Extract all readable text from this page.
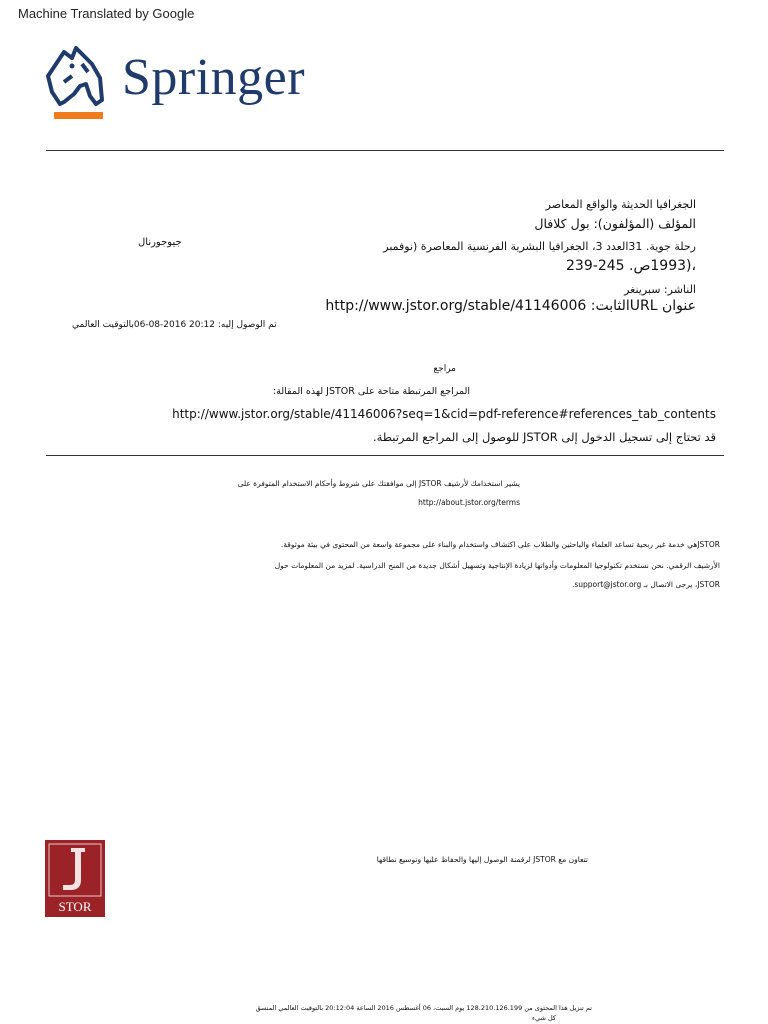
Machine Translated by Google
Springer
الجغرافيا الحديثة والواقع المعاصر
المؤلف (المؤلفون): بول كلافال
جيوجورنال	رحلة جوية. 31العدد 3، الجغرافيا البشرية الفرنسية المعاصرة (نوفمبر
،(1993ص. 245-239
الناشر: سبرينغر
عنوان URLالثابت: http://www.jstor.org/stable/41146006
تم الوصول إليه: 20:12 2016-08-06بالتوقيت العالمي
مراجع
المراجع المرتبطة متاحة على JSTOR لهذه المقالة:
http://www.jstor.org/stable/41146006?seq=1&cid=pdf-reference#references_tab_contents
قد تحتاج إلى تسجيل الدخول إلى JSTOR للوصول إلى المراجع المرتبطة.
يشير استخدامك لأرشيف JSTOR إلى موافقتك على شروط وأحكام الاستخدام المتوفرة على
http://about.jstor.org/terms
JSTORهي خدمة غير ربحية تساعد العلماء والباحثين والطلاب على اكتشاف واستخدام والبناء على مجموعة واسعة من المحتوى في بيئة موثوقة.
الأرشيف الرقمي. نحن نستخدم تكنولوجيا المعلومات وأدواتها لزيادة الإنتاجية وتسهيل أشكال جديدة من المنح الدراسية. لمزيد من المعلومات حول
JSTOR، يرجى الاتصال بـ support@jstor.org.
STOR
تتعاون مع JSTOR لرقمنة الوصول إليها والحفاظ عليها وتوسيع نطاقها
تم تنزيل هذا المحتوى من 128.210.126.199 يوم السبت، 06 أغسطس 2016 الساعة 20:12:04 بالتوقيت العالمي المنسق
كل شيء
